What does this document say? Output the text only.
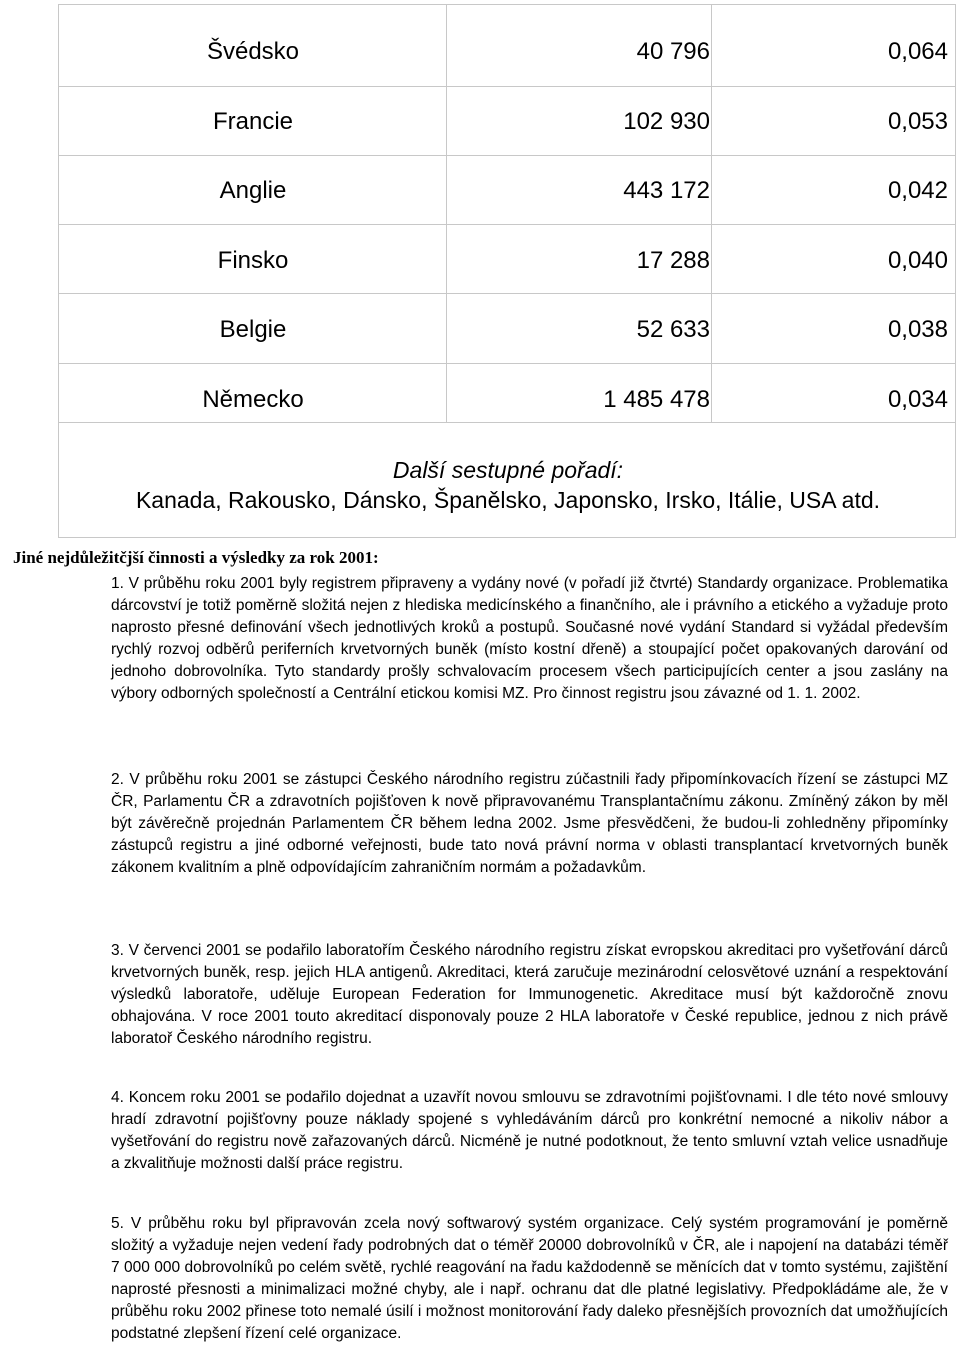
Švédsko	40 796	0,064
Francie	102 930	0,053
Anglie	443 172	0,042
Finsko	17 288	0,040
Belgie	52 633	0,038
Německo	1 485 478	0,034
Další sestupné pořadí:
Kanada, Rakousko, Dánsko, Španělsko, Japonsko, Irsko, Itálie, USA atd.
Jiné nejdůležitčjší činnosti a výsledky za rok 2001:

1. V průběhu roku 2001 byly registrem připraveny a vydány nové (v pořadí již čtvrté) Standardy organizace. Problematika dárcovství je totiž poměrně složitá nejen z hlediska medicínského a finančního, ale i právního a etického a vyžaduje proto naprosto přesné definování všech jednotlivých kroků a postupů. Současné nové vydání Standard si vyžádal především rychlý rozvoj odběrů periferních krvetvorných buněk (místo kostní dřeně) a stoupající počet opakovaných darování od jednoho dobrovolníka. Tyto standardy prošly schvalovacím procesem všech participujících center a jsou zaslány na výbory odborných společností a Centrální etickou komisi MZ. Pro činnost registru jsou závazné od 1. 1. 2002.

2. V průběhu roku 2001 se zástupci Českého národního registru zúčastnili řady připomínkovacích řízení se zástupci MZ ČR, Parlamentu ČR a zdravotních pojišťoven k nově připravovanému Transplantačnímu zákonu. Zmíněný zákon by měl být závěrečně projednán Parlamentem ČR během ledna 2002. Jsme přesvědčeni, že budou-li zohledněny připomínky zástupců registru a jiné odborné veřejnosti, bude tato nová právní norma v oblasti transplantací krvetvorných buněk zákonem kvalitním a plně odpovídajícím zahraničním normám a požadavkům.

3. V červenci 2001 se podařilo laboratořím Českého národního registru získat evropskou akreditaci pro vyšetřování dárců krvetvorných buněk, resp. jejich HLA antigenů. Akreditaci, která zaručuje mezinárodní celosvětové uznání a respektování výsledků laboratoře, uděluje European Federation for Immunogenetic. Akreditace musí být každoročně znovu obhajována. V roce 2001 touto akreditací disponovaly pouze 2 HLA laboratoře v České republice, jednou z nich právě laboratoř Českého národního registru.

4. Koncem roku 2001 se podařilo dojednat a uzavřít novou smlouvu se zdravotními pojišťovnami. I dle této nové smlouvy hradí zdravotní pojišťovny pouze náklady spojené s vyhledáváním dárců pro konkrétní nemocné a nikoliv nábor a vyšetřování do registru nově zařazovaných dárců. Nicméně je nutné podotknout, že tento smluvní vztah velice usnadňuje a zkvalitňuje možnosti další práce registru.

5. V průběhu roku byl připravován zcela nový softwarový systém organizace. Celý systém programování je poměrně složitý a vyžaduje nejen vedení řady podrobných dat o téměř 20000 dobrovolníků v ČR, ale i napojení na databázi téměř 7 000 000 dobrovolníků po celém světě, rychlé reagování na řadu každodenně se měnících dat v tomto systému, zajištění naprosté přesnosti a minimalizaci možné chyby, ale i např. ochranu dat dle platné legislativy. Předpokládáme ale, že v průběhu roku 2002 přinese toto nemalé úsilí i možnost monitorování řady daleko přesnějších provozních dat umožňujících podstatné zlepšení řízení celé organizace.
